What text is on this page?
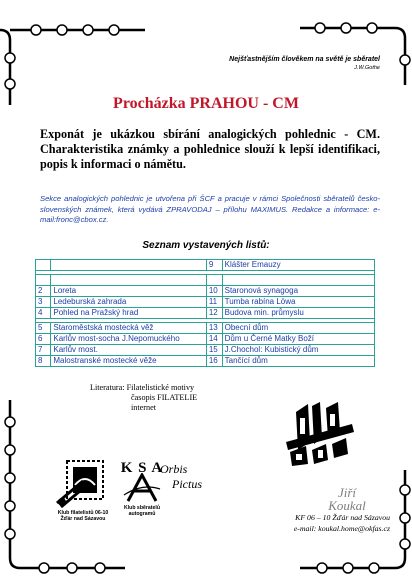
Nejšťastnějším člověkem na světě je sběratel
J.W.Gothe
Procházka PRAHOU - CM
Exponát je ukázkou sbírání analogických pohlednic - CM. Charakteristika známky a pohlednice slouží k lepší identifikaci, popis k informaci o námětu.
Sekce analogických pohlednic je utvořena při ŠCF a pracuje v rámci Společnosti sběratelů česko-slovenských známek, která vydává ZPRAVODAJ – přílohu MAXIMUS. Redakce a informace: e-mail:fronc@cbox.cz.
Seznam vystavených listů:
		9	Klášter Emauzy

2	Loreta	10	Staronová synagoga
3	Ledeburská zahrada	11	Tumba rabína Löwa
4	Pohled na Pražský hrad	12	Budova min. průmyslu

5	Staroměstská mostecká věž	13	Obecní dům
6	Karlův most-socha J.Nepomuckého	14	Dům u Černé Matky Boží
7	Karlův most.	15	J.Chochol: Kubistický dům
8	Malostranské mostecké věže	16	Tančící dům
Literatura: Filatelistické motivy
časopis FILATELIE
internet
Klub filatelistů 06-10
Žďár nad Sázavou
K S A
Klub sběratelů
autogramů
Orbis
Pictus
Jiří
Koukal
KF 06 – 10 Žďár nad Sázavou
e-mail: koukal.home@okfas.cz
